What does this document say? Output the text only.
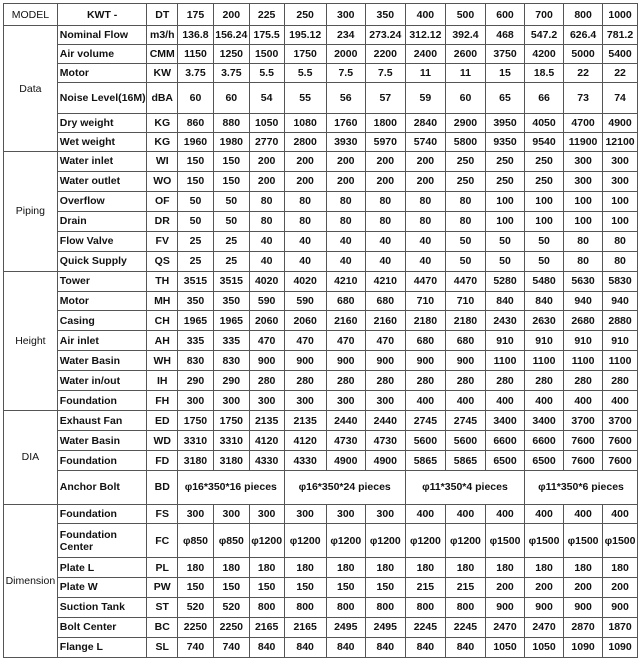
MODEL	KWT -	DT	175	200	225	250	300	350	400	500	600	700	800	1000
Data	Nominal Flow	m3/h	136.8	156.24	175.5	195.12	234	273.24	312.12	392.4	468	547.2	626.4	781.2
	Air volume	CMM	1150	1250	1500	1750	2000	2200	2400	2600	3750	4200	5000	5400
	Motor	KW	3.75	3.75	5.5	5.5	7.5	7.5	11	11	15	18.5	22	22
	Noise Level(16M)	dBA	60	60	54	55	56	57	59	60	65	66	73	74
	Dry weight	KG	860	880	1050	1080	1760	1800	2840	2900	3950	4050	4700	4900
	Wet weight	KG	1960	1980	2770	2800	3930	5970	5740	5800	9350	9540	11900	12100
Piping	Water inlet	WI	150	150	200	200	200	200	200	250	250	250	300	300
	Water outlet	WO	150	150	200	200	200	200	200	250	250	250	300	300
	Overflow	OF	50	50	80	80	80	80	80	80	100	100	100	100
	Drain	DR	50	50	80	80	80	80	80	80	100	100	100	100
	Flow Valve	FV	25	25	40	40	40	40	40	50	50	50	80	80
	Quick Supply	QS	25	25	40	40	40	40	40	50	50	50	80	80
Height	Tower	TH	3515	3515	4020	4020	4210	4210	4470	4470	5280	5480	5630	5830
	Motor	MH	350	350	590	590	680	680	710	710	840	840	940	940
	Casing	CH	1965	1965	2060	2060	2160	2160	2180	2180	2430	2630	2680	2880
	Air inlet	AH	335	335	470	470	470	470	680	680	910	910	910	910
	Water Basin	WH	830	830	900	900	900	900	900	900	1100	1100	1100	1100
	Water in/out	IH	290	290	280	280	280	280	280	280	280	280	280	280
	Foundation	FH	300	300	300	300	300	300	400	400	400	400	400	400
DIA	Exhaust Fan	ED	1750	1750	2135	2135	2440	2440	2745	2745	3400	3400	3700	3700
	Water Basin	WD	3310	3310	4120	4120	4730	4730	5600	5600	6600	6600	7600	7600
	Foundation	FD	3180	3180	4330	4330	4900	4900	5865	5865	6500	6500	7600	7600
	Anchor Bolt	BD	φ16*350*16 pieces			φ16*350*24 pieces			φ11*350*4 pieces			φ11*350*6 pieces		
Dimension	Foundation	FS	300	300	300	300	300	300	400	400	400	400	400	400
	Foundation Center	FC	φ850	φ850	φ1200	φ1200	φ1200	φ1200	φ1200	φ1200	φ1500	φ1500	φ1500	φ1500
	Plate L	PL	180	180	180	180	180	180	180	180	180	180	180	180
	Plate W	PW	150	150	150	150	150	150	215	215	200	200	200	200
	Suction Tank	ST	520	520	800	800	800	800	800	800	900	900	900	900
	Bolt Center	BC	2250	2250	2165	2165	2495	2495	2245	2245	2470	2470	2870	1870
	Flange L	SL	740	740	840	840	840	840	840	840	1050	1050	1090	1090
